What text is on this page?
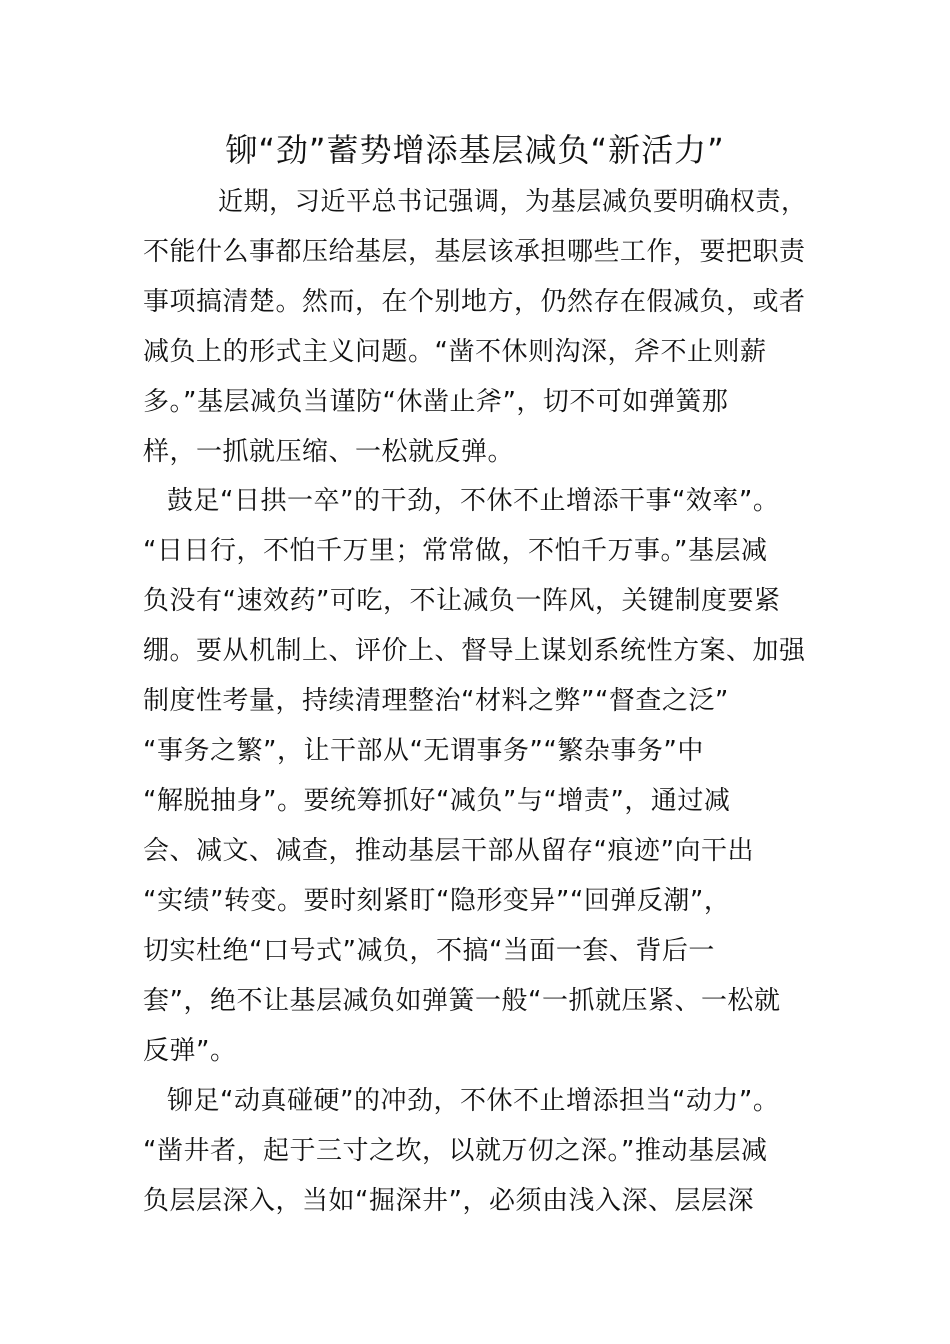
铆“劲”蓄势增添基层减负“新活力”
近期，习近平总书记强调，为基层减负要明确权责，
不能什么事都压给基层，基层该承担哪些工作，要把职责
事项搞清楚。然而，在个别地方，仍然存在假减负，或者
减负上的形式主义问题。“凿不休则沟深，斧不止则薪
多。”基层减负当谨防“休凿止斧”，切不可如弹簧那
样，一抓就压缩、一松就反弹。
鼓足“日拱一卒”的干劲，不休不止增添干事“效率”。
“日日行，不怕千万里；常常做，不怕千万事。”基层减
负没有“速效药”可吃，不让减负一阵风，关键制度要紧
绷。要从机制上、评价上、督导上谋划系统性方案、加强
制度性考量，持续清理整治“材料之弊”“督查之泛”
“事务之繁”，让干部从“无谓事务”“繁杂事务”中
“解脱抽身”。要统筹抓好“减负”与“增责”，通过减
会、减文、减查，推动基层干部从留存“痕迹”向干出
“实绩”转变。要时刻紧盯“隐形变异”“回弹反潮”，
切实杜绝“口号式”减负，不搞“当面一套、背后一
套”，绝不让基层减负如弹簧一般“一抓就压紧、一松就
反弹”。
铆足“动真碰硬”的冲劲，不休不止增添担当“动力”。
“凿井者，起于三寸之坎，以就万仞之深。”推动基层减
负层层深入，当如“掘深井”，必须由浅入深、层层深
